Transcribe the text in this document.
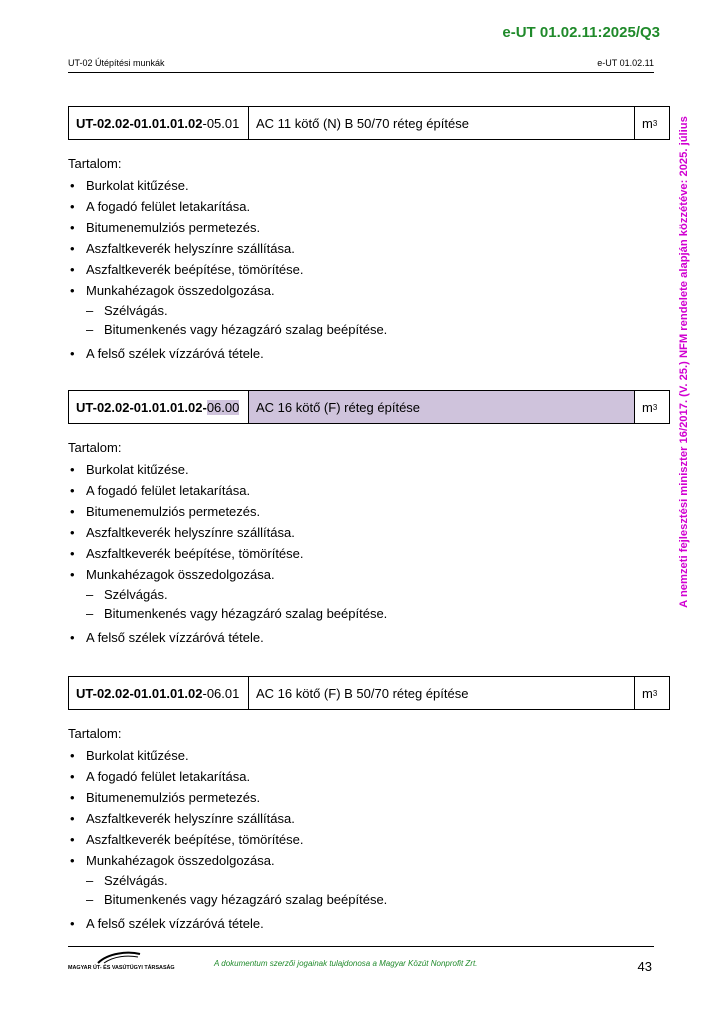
e-UT 01.02.11:2025/Q3
UT-02 Útépítési munkák	e-UT 01.02.11
A nemzeti fejlesztési miniszter 16/2017. (V. 25.) NFM rendelete alapján közzétéve: 2025. július
UT-02.02-01.01.01.02 -05.01	AC 11 kötő (N) B 50/70 réteg építése	m 3
Tartalom:
• Burkolat kitűzése.
• A fogadó felület letakarítása.
• Bitumenemulziós permetezés.
• Aszfaltkeverék helyszínre szállítása.
• Aszfaltkeverék beépítése, tömörítése.
• Munkahézagok összedolgozása.
– Szélvágás.
– Bitumenkenés vagy hézagzáró szalag beépítése.
• A felső szélek vízzáróvá tétele.
UT-02.02-01.01.01.02- 06.00	AC 16 kötő (F) réteg építése	m 3
Tartalom:
• Burkolat kitűzése.
• A fogadó felület letakarítása.
• Bitumenemulziós permetezés.
• Aszfaltkeverék helyszínre szállítása.
• Aszfaltkeverék beépítése, tömörítése.
• Munkahézagok összedolgozása.
– Szélvágás.
– Bitumenkenés vagy hézagzáró szalag beépítése.
• A felső szélek vízzáróvá tétele.
UT-02.02-01.01.01.02 -06.01	AC 16 kötő (F) B 50/70 réteg építése	m 3
Tartalom:
• Burkolat kitűzése.
• A fogadó felület letakarítása.
• Bitumenemulziós permetezés.
• Aszfaltkeverék helyszínre szállítása.
• Aszfaltkeverék beépítése, tömörítése.
• Munkahézagok összedolgozása.
– Szélvágás.
– Bitumenkenés vagy hézagzáró szalag beépítése.
• A felső szélek vízzáróvá tétele.
MAGYAR ÚT- ÉS VASÚTÜGYI TÁRSASÁG	A dokumentum szerzői jogainak tulajdonosa a Magyar Közút Nonprofit Zrt.	43
